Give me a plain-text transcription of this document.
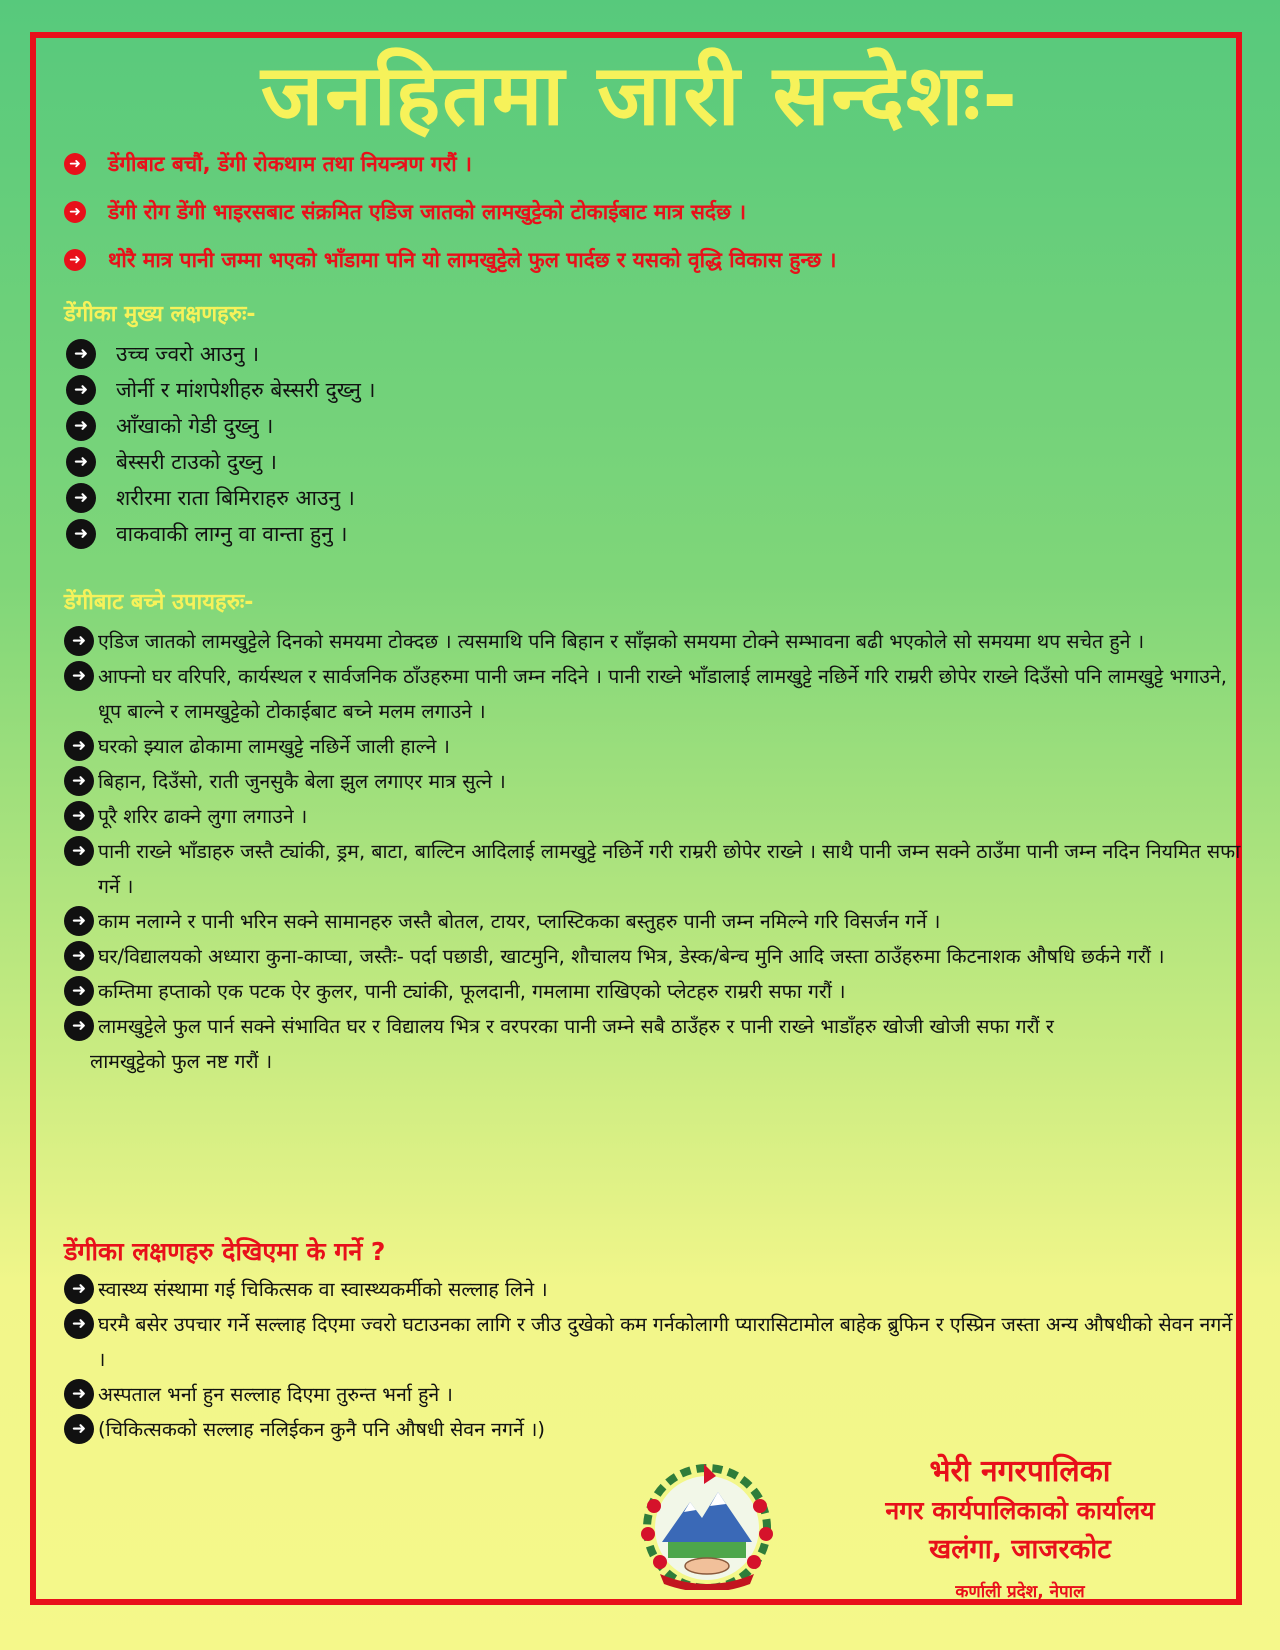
जनहितमा जारी सन्देशः-
➜ डेंगीबाट बचौं, डेंगी रोकथाम तथा नियन्त्रण गरौं ।
➜ डेंगी रोग डेंगी भाइरसबाट संक्रमित एडिज जातको लामखुट्टेको टोकाईबाट मात्र सर्दछ ।
➜ थोरै मात्र पानी जम्मा भएको भाँडामा पनि यो लामखुट्टेले फुल पार्दछ र यसको वृद्धि विकास हुन्छ ।
डेंगीका मुख्य लक्षणहरुः-
➜	उच्च ज्वरो आउनु ।
➜	जोर्नी र मांशपेशीहरु बेस्सरी दुख्नु ।
➜	आँखाको गेडी दुख्नु ।
➜	बेस्सरी टाउको दुख्नु ।
➜	शरीरमा राता बिमिराहरु आउनु ।
➜	वाकवाकी लाग्नु वा वान्ता हुनु ।
डेंगीबाट बच्ने उपायहरुः-
➜ एडिज जातको लामखुट्टेले दिनको समयमा टोक्दछ । त्यसमाथि पनि बिहान र साँझको समयमा टोक्ने सम्भावना बढी भएकोले सो समयमा थप सचेत हुने ।
➜ आफ्नो घर वरिपरि, कार्यस्थल र सार्वजनिक ठाँउहरुमा पानी जम्न नदिने । पानी राख्ने भाँडालाई लामखुट्टे नछिर्ने गरि राम्ररी छोपेर राख्ने दिउँसो पनि लामखुट्टे भगाउने, धूप बाल्ने र लामखुट्टेको टोकाईबाट बच्ने मलम लगाउने ।
➜ घरको झ्याल ढोकामा लामखुट्टे नछिर्ने जाली हाल्ने ।
➜ बिहान, दिउँसो, राती जुनसुकै बेला झुल लगाएर मात्र सुत्ने ।
➜ पूरै शरिर ढाक्ने लुगा लगाउने ।
➜ पानी राख्ने भाँडाहरु जस्तै ट्यांकी, ड्रम, बाटा, बाल्टिन आदिलाई लामखुट्टे नछिर्ने गरी राम्ररी छोपेर राख्ने । साथै पानी जम्न सक्ने ठाउँमा पानी जम्न नदिन नियमित सफा गर्ने ।
➜ काम नलाग्ने र पानी भरिन सक्ने सामानहरु जस्तै बोतल, टायर, प्लास्टिकका बस्तुहरु पानी जम्न नमिल्ने गरि विसर्जन गर्ने ।
➜ घर/विद्यालयको अध्यारा कुना-काप्चा, जस्तैः- पर्दा पछाडी, खाटमुनि, शौचालय भित्र, डेस्क/बेन्च मुनि आदि जस्ता ठाउँहरुमा किटनाशक औषधि छर्कने गरौं ।
➜ कम्तिमा हप्ताको एक पटक ऐर कुलर, पानी ट्यांकी, फूलदानी, गमलामा राखिएको प्लेटहरु राम्ररी सफा गरौं ।
➜ लामखुट्टेले फुल पार्न सक्ने संभावित घर र विद्यालय भित्र र वरपरका पानी जम्ने सबै ठाउँहरु र पानी राख्ने भाडाँहरु खोजी खोजी सफा गरौं र
लामखुट्टेको फुल नष्ट गरौं ।
डेंगीका लक्षणहरु देखिएमा के गर्ने ?
➜ स्वास्थ्य संस्थामा गई चिकित्सक वा स्वास्थ्यकर्मीको सल्लाह लिने ।
➜ घरमै बसेर उपचार गर्ने सल्लाह दिएमा ज्वरो घटाउनका लागि र जीउ दुखेको कम गर्नकोलागी प्यारासिटामोल बाहेक ब्रुफिन र एस्प्रिन जस्ता अन्य औषधीको सेवन नगर्ने ।
➜ अस्पताल भर्ना हुन सल्लाह दिएमा तुरुन्त भर्ना हुने ।
➜ (चिकित्सकको सल्लाह नलिईकन कुनै पनि औषधी सेवन नगर्ने ।)
भेरी नगरपालिका
नगर कार्यपालिकाको कार्यालय
खलंगा, जाजरकोट
कर्णाली प्रदेश, नेपाल
